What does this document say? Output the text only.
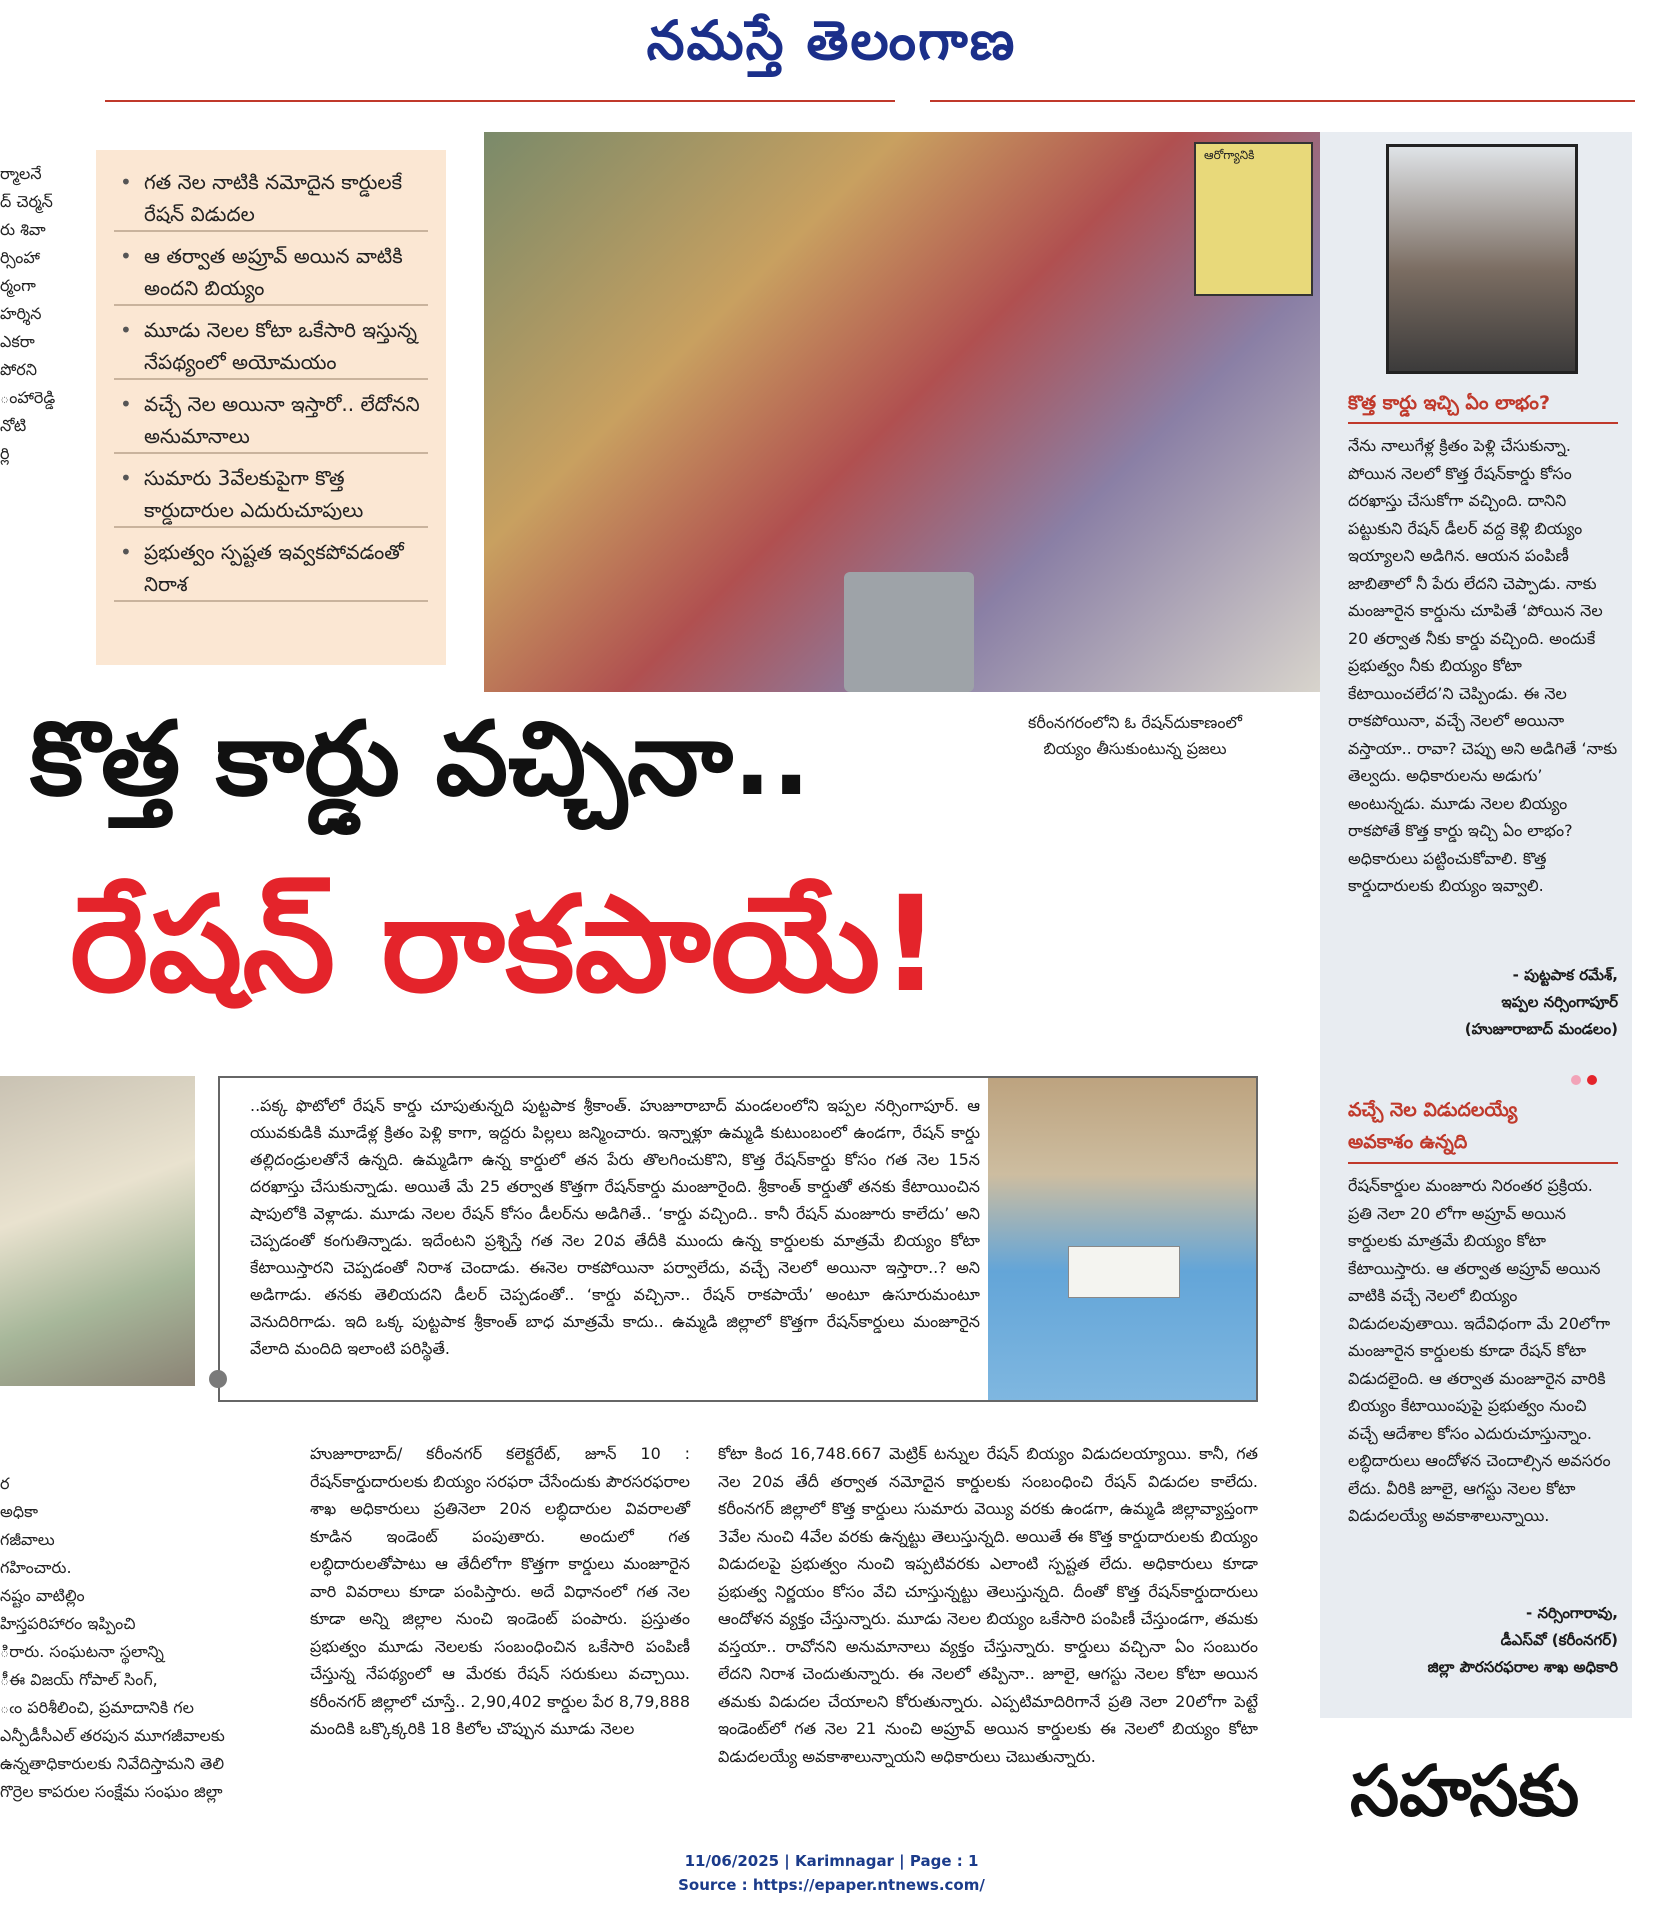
నమస్తే తెలంగాణ
ర్మాలనే
ద్ చెర్మన్
రు శివా
ర్సింహా
ర్మంగా
హర్శిన
ఎకరా
పోరని
ంహారెడ్డి
నోటి
ర్లి
• గత నెల నాటికి నమోదైన కార్డులకే రేషన్ విడుదల
• ఆ తర్వాత అప్రూవ్ అయిన వాటికి అందని బియ్యం
• మూడు నెలల కోటా ఒకేసారి ఇస్తున్న నేపథ్యంలో అయోమయం
• వచ్చే నెల అయినా ఇస్తారో.. లేదోనని అనుమానాలు
• సుమారు 3వేలకుపైగా కొత్త కార్డుదారుల ఎదురుచూపులు
• ప్రభుత్వం స్పష్టత ఇవ్వకపోవడంతో నిరాశ
ఆరోగ్యానికి
కరీంనగరంలోని ఓ రేషన్‌దుకాణంలో
బియ్యం తీసుకుంటున్న ప్రజలు
కొత్త కార్డు వచ్చినా..
రేషన్ రాకపాయే!
కొత్త కార్డు ఇచ్చి ఏం లాభం?
నేను నాలుగేళ్ల క్రితం పెళ్లి చేసుకున్నా. పోయిన నెలలో కొత్త రేషన్‌కార్డు కోసం దరఖాస్తు చేసుకోగా వచ్చింది. దానిని పట్టుకుని రేషన్ డీలర్ వద్ద కెళ్లి బియ్యం ఇయ్యాలని అడిగిన. ఆయన పంపిణీ జాబితాలో నీ పేరు లేదని చెప్పాడు. నాకు మంజూరైన కార్డును చూపితే ‘పోయిన నెల 20 తర్వాత నీకు కార్డు వచ్చింది. అందుకే ప్రభుత్వం నీకు బియ్యం కోటా కేటాయించలేద’ని చెప్పిండు. ఈ నెల రాకపోయినా, వచ్చే నెలలో అయినా వస్తాయా.. రావా? చెప్పు అని అడిగితే ‘నాకు తెల్వదు. అధికారులను అడుగు’ అంటున్నడు. మూడు నెలల బియ్యం రాకపోతే కొత్త కార్డు ఇచ్చి ఏం లాభం? అధికారులు పట్టించుకోవాలి. కొత్త కార్డుదారులకు బియ్యం ఇవ్వాలి.
- పుట్టపాక రమేశ్,
ఇప్పల నర్సింగాపూర్
(హుజూరాబాద్ మండలం)
వచ్చే నెల విడుదలయ్యే
అవకాశం ఉన్నది
రేషన్‌కార్డుల మంజూరు నిరంతర ప్రక్రియ. ప్రతి నెలా 20 లోగా అప్రూవ్ అయిన కార్డులకు మాత్రమే బియ్యం కోటా కేటాయిస్తారు. ఆ తర్వాత అప్రూవ్ అయిన వాటికి వచ్చే నెలలో బియ్యం విడుదలవుతాయి. ఇదేవిధంగా మే 20లోగా మంజూరైన కార్డులకు కూడా రేషన్ కోటా విడుదలైంది. ఆ తర్వాత మంజూరైన వారికి బియ్యం కేటాయింపుపై ప్రభుత్వం నుంచి వచ్చే ఆదేశాల కోసం ఎదురుచూస్తున్నాం. లబ్ధిదారులు ఆందోళన చెందాల్సిన అవసరం లేదు. వీరికి జూలై, ఆగస్టు నెలల కోటా విడుదలయ్యే అవకాశాలున్నాయి.
- నర్సింగారావు,
డీఎస్‌వో (కరీంనగర్)
జిల్లా పౌరసరఫరాల శాఖ అధికారి
..పక్క ఫొటోలో రేషన్ కార్డు చూపుతున్నది పుట్టపాక శ్రీకాంత్. హుజూరాబాద్ మండలంలోని ఇప్పల నర్సింగాపూర్. ఆ యువకుడికి మూడేళ్ల క్రితం పెళ్లి కాగా, ఇద్దరు పిల్లలు జన్మించారు. ఇన్నాళ్లూ ఉమ్మడి కుటుంబంలో ఉండగా, రేషన్ కార్డు తల్లిదండ్రులతోనే ఉన్నది. ఉమ్మడిగా ఉన్న కార్డులో తన పేరు తొలగించుకొని, కొత్త రేషన్‌కార్డు కోసం గత నెల 15న దరఖాస్తు చేసుకున్నాడు. అయితే మే 25 తర్వాత కొత్తగా రేషన్‌కార్డు మంజూరైంది. శ్రీకాంత్ కార్డుతో తనకు కేటాయించిన షాపులోకి వెళ్లాడు. మూడు నెలల రేషన్ కోసం డీలర్‌ను అడిగితే.. ‘కార్డు వచ్చింది.. కానీ రేషన్ మంజూరు కాలేదు’ అని చెప్పడంతో కంగుతిన్నాడు. ఇదేంటని ప్రశ్నిస్తే గత నెల 20వ తేదీకి ముందు ఉన్న కార్డులకు మాత్రమే బియ్యం కోటా కేటాయిస్తారని చెప్పడంతో నిరాశ చెందాడు. ఈనెల రాకపోయినా పర్వాలేదు, వచ్చే నెలలో అయినా ఇస్తారా..? అని అడిగాడు. తనకు తెలియదని డీలర్ చెప్పడంతో.. ‘కార్డు వచ్చినా.. రేషన్ రాకపాయే’ అంటూ ఉసూరుమంటూ వెనుదిరిగాడు. ఇది ఒక్క పుట్టపాక శ్రీకాంత్ బాధ మాత్రమే కాదు.. ఉమ్మడి జిల్లాలో కొత్తగా రేషన్‌కార్డులు మంజూరైన వేలాది మందిది ఇలాంటి పరిస్థితే.
ర
అధికా
గజీవాలు
గహించారు.
నష్టం వాటిల్లిం
హిస్తపరిహారం ఇప్పించి
ిరారు. సంఘటనా స్థలాన్ని
ీఈ విజయ్ గోపాల్ సింగ్,
ఁం పరిశీలించి, ప్రమాదానికి గల
ఎన్పీడీసీఎల్ తరపున మూగజీవాలకు
ఉన్నతాధికారులకు నివేదిస్తామని తెలి
గొర్రెల కాపరుల సంక్షేమ సంఘం జిల్లా
హుజూరాబాద్/ కరీంనగర్ కలెక్టరేట్, జూన్ 10 : రేషన్‌కార్డుదారులకు బియ్యం సరఫరా చేసేందుకు పౌరసరఫరాల శాఖ అధికారులు ప్రతినెలా 20న లబ్ధిదారుల వివరాలతో కూడిన ఇండెంట్ పంపుతారు. అందులో గత లబ్ధిదారులతోపాటు ఆ తేదీలోగా కొత్తగా కార్డులు మంజూరైన వారి వివరాలు కూడా పంపిస్తారు. అదే విధానంలో గత నెల కూడా అన్ని జిల్లాల నుంచి ఇండెంట్ పంపారు. ప్రస్తుతం ప్రభుత్వం మూడు నెలలకు సంబంధించిన ఒకేసారి పంపిణీ చేస్తున్న నేపథ్యంలో ఆ మేరకు రేషన్ సరుకులు వచ్చాయి. కరీంనగర్ జిల్లాలో చూస్తే.. 2,90,402 కార్డుల పేర 8,79,888 మందికి ఒక్కొక్కరికి 18 కిలోల చొప్పున మూడు నెలల
కోటా కింద 16,748.667 మెట్రిక్ టన్నుల రేషన్ బియ్యం విడుదలయ్యాయి. కానీ, గత నెల 20వ తేదీ తర్వాత నమోదైన కార్డులకు సంబంధించి రేషన్ విడుదల కాలేదు. కరీంనగర్ జిల్లాలో కొత్త కార్డులు సుమారు వెయ్యి వరకు ఉండగా, ఉమ్మడి జిల్లావ్యాప్తంగా 3వేల నుంచి 4వేల వరకు ఉన్నట్టు తెలుస్తున్నది. అయితే ఈ కొత్త కార్డుదారులకు బియ్యం విడుదలపై ప్రభుత్వం నుంచి ఇప్పటివరకు ఎలాంటి స్పష్టత లేదు. అధికారులు కూడా ప్రభుత్వ నిర్ణయం కోసం వేచి చూస్తున్నట్టు తెలుస్తున్నది. దీంతో కొత్త రేషన్‌కార్డుదారులు ఆందోళన వ్యక్తం చేస్తున్నారు. మూడు నెలల బియ్యం ఒకేసారి పంపిణీ చేస్తుండగా, తమకు వస్తయా.. రావోనని అనుమానాలు వ్యక్తం చేస్తున్నారు. కార్డులు వచ్చినా ఏం సంబురం లేదని నిరాశ చెందుతున్నారు. ఈ నెలలో తప్పినా.. జూలై, ఆగస్టు నెలల కోటా అయిన తమకు విడుదల చేయాలని కోరుతున్నారు. ఎప్పటిమాదిరిగానే ప్రతి నెలా 20లోగా పెట్టే ఇండెంట్‌లో గత నెల 21 నుంచి అప్రూవ్ అయిన కార్డులకు ఈ నెలలో బియ్యం కోటా విడుదలయ్యే అవకాశాలున్నాయని అధికారులు చెబుతున్నారు.	సహసకు
11/06/2025 | Karimnagar | Page : 1
Source : https://epaper.ntnews.com/
